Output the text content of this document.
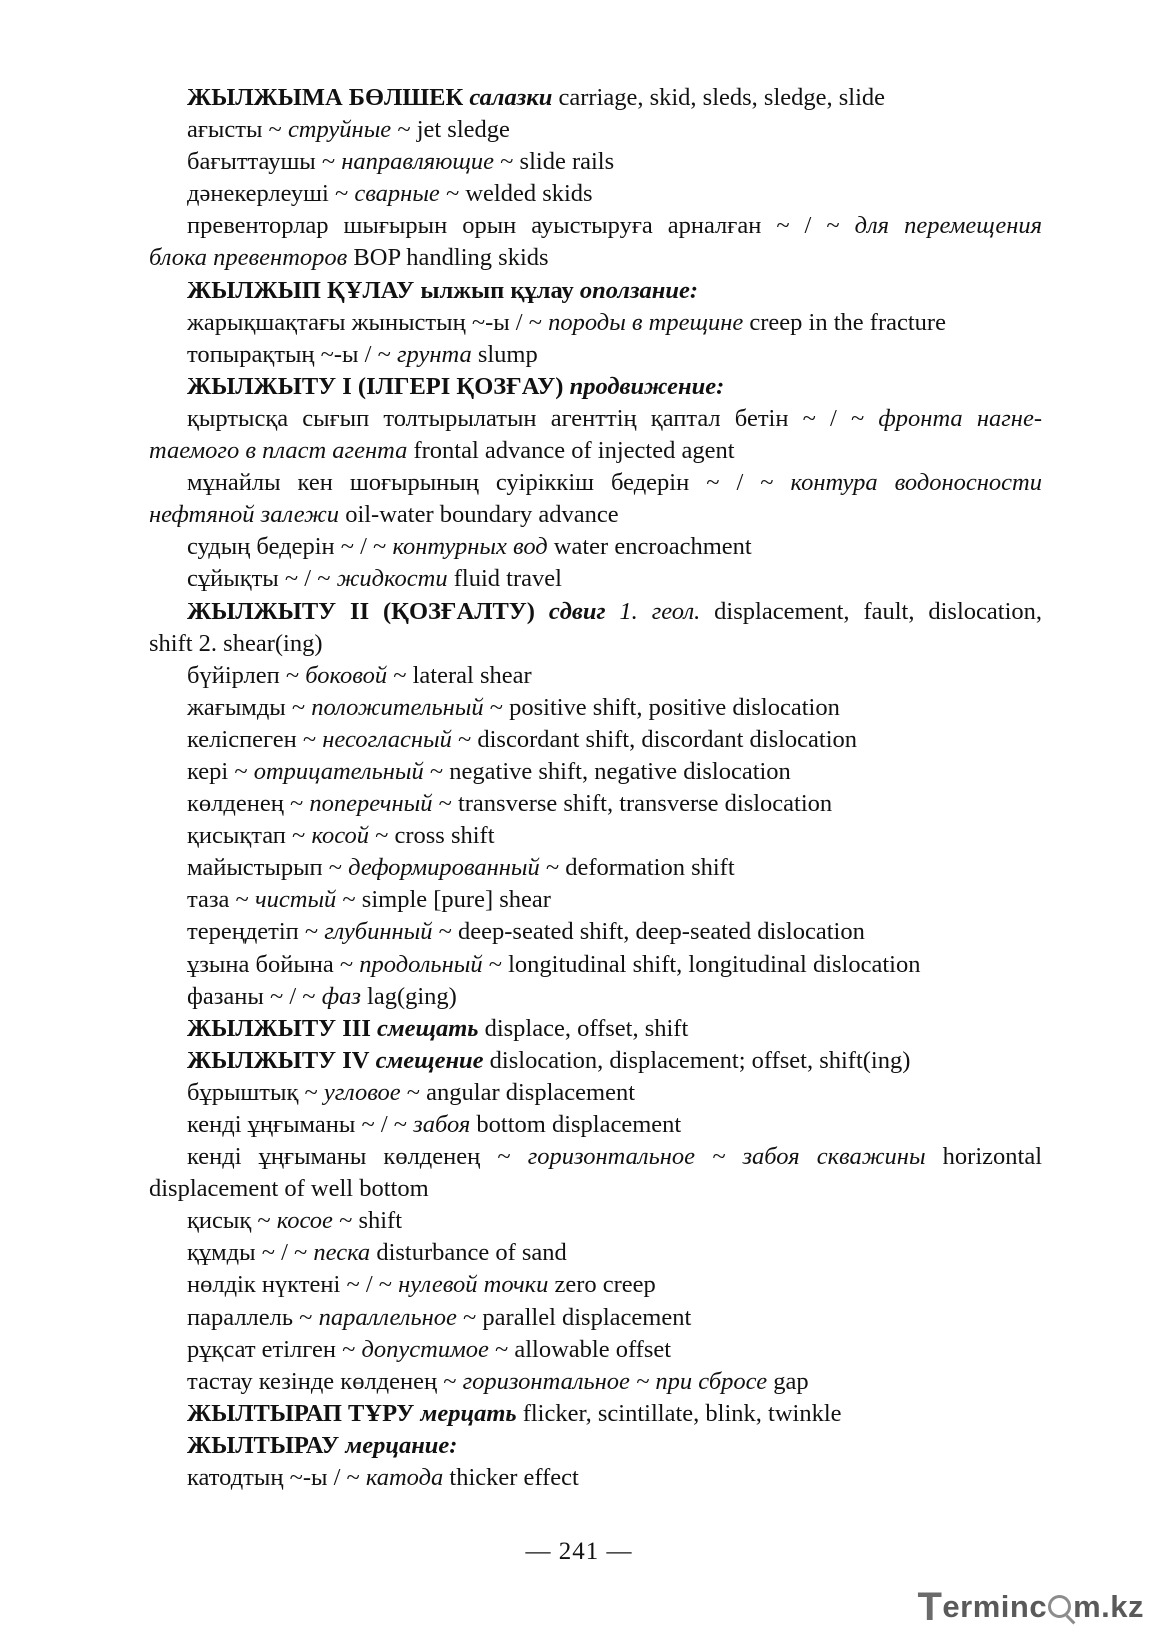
ЖЫЛЖЫМА БӨЛШЕК салазки carriage, skid, sleds, sledge, slide
ағысты ~ струйные ~ jet sledge
бағыттаушы ~ направляющие ~ slide rails
дәнекерлеуші ~ сварные ~ welded skids
превенторлар шығырын орын ауыстыруға арналған ~ / ~ для перемещения
блока превенторов BOP handling skids
ЖЫЛЖЫП ҚҰЛАУ ылжып құлау оползание:
жарықшақтағы жыныстың ~-ы / ~ породы в трещине creep in the fracture
топырақтың ~-ы / ~ грунта slump
ЖЫЛЖЫТУ І (ІЛГЕРІ ҚОЗҒАУ) продвижение:
қыртысқа сығып толтырылатын агенттің қаптал бетін ~ / ~ фронта нагне-
таемого в пласт агента frontal advance of injected agent
мұнайлы кен шоғырының суіріккіш бедерін ~ / ~ контура водоносности
нефтяной залежи oil-water boundary advance
судың бедерін ~ / ~ контурных вод water encroachment
сұйықты ~ / ~ жидкости fluid travel
ЖЫЛЖЫТУ ІІ (ҚОЗҒАЛТУ) сдвиг 1. геол. displacement, fault, dislocation,
shift 2. shear(ing)
бүйірлеп ~ боковой ~ lateral shear
жағымды ~ положительный ~ positive shift, positive dislocation
келіспеген ~ несогласный ~ discordant shift, discordant dislocation
кері ~ отрицательный ~ negative shift, negative dislocation
көлденең ~ поперечный ~ transverse shift, transverse dislocation
қисықтап ~ косой ~ cross shift
майыстырып ~ деформированный ~ deformation shift
таза ~ чистый ~ simple [pure] shear
тереңдетіп ~ глубинный ~ deep-seated shift, deep-seated dislocation
ұзына бойына ~ продольный ~ longitudinal shift, longitudinal dislocation
фазаны ~ / ~ фаз lag(ging)
ЖЫЛЖЫТУ ІІІ смещать displace, offset, shift
ЖЫЛЖЫТУ ІV смещение dislocation, displacement; offset, shift(ing)
бұрыштық ~ угловое ~ angular displacement
кенді ұңғыманы ~ / ~ забоя bottom displacement
кенді ұңғыманы көлденең ~ горизонтальное ~ забоя скважины horizontal
displacement of well bottom
қисық ~ косое ~ shift
құмды ~ / ~ песка disturbance of sand
нөлдік нүктені ~ / ~ нулевой точки zero creep
параллель ~ параллельное ~ parallel displacement
рұқсат етілген ~ допустимое ~ allowable offset
тастау кезінде көлденең ~ горизонтальное ~ при сбросе gap
ЖЫЛТЫРАП ТҰРУ мерцать flicker, scintillate, blink, twinkle
ЖЫЛТЫРАУ мерцание:
катодтың ~-ы / ~ катода thicker effect
— 241 —
Terminc m.kz
